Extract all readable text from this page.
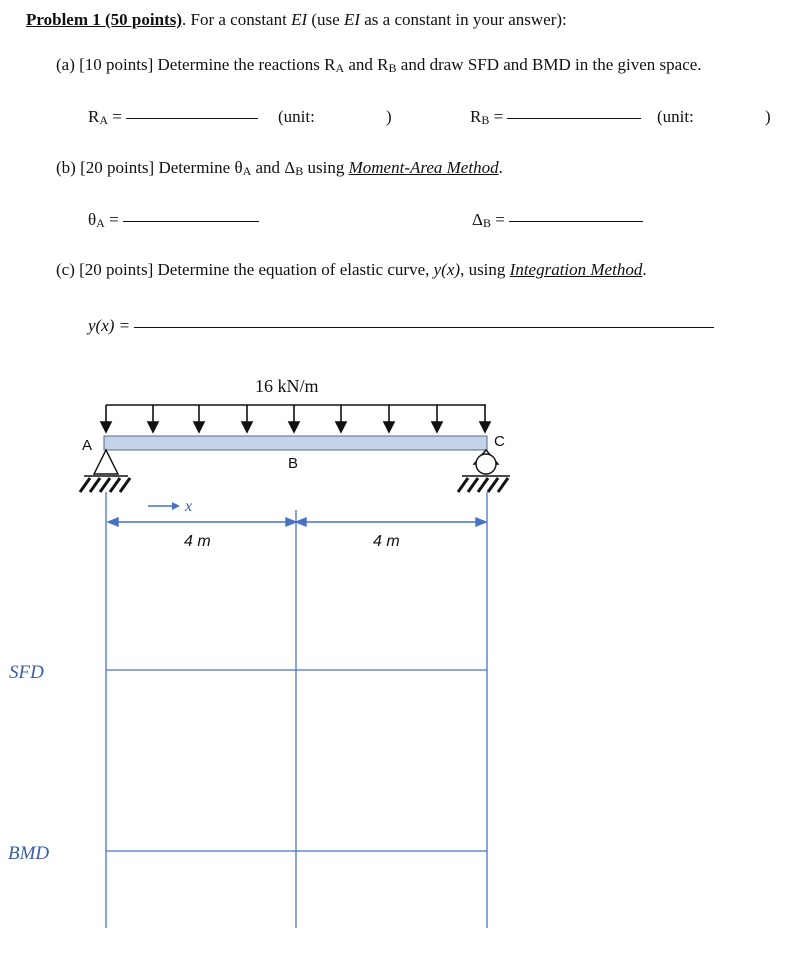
Problem 1 (50 points). For a constant EI (use EI as a constant in your answer):
(a) [10 points] Determine the reactions RA and RB and draw SFD and BMD in the given space.
RA =	(unit:	)	RB =	(unit:	)
(b) [20 points] Determine θA and ΔB using Moment-Area Method.
θA =	ΔB =
(c) [20 points] Determine the equation of elastic curve, y(x), using Integration Method.
y(x) =
16 kN/m
A
B
C
x
4 m	4 m
SFD
BMD
